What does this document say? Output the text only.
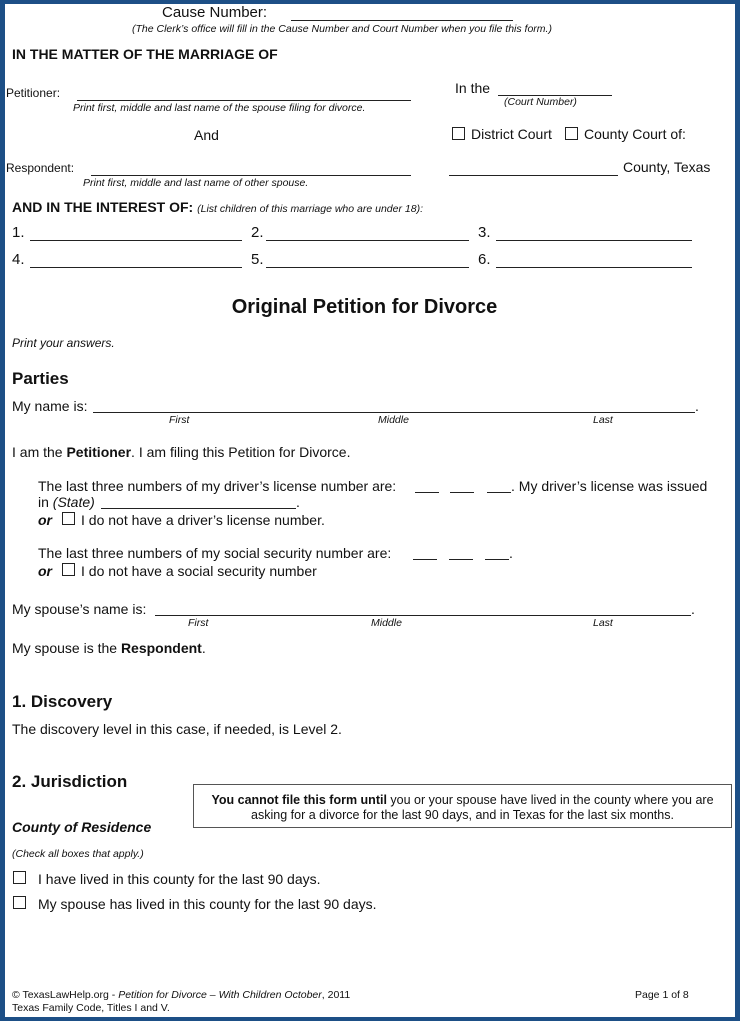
Cause Number:
(The Clerk’s office will fill in the Cause Number and Court Number when you file this form.)
IN THE MATTER OF THE MARRIAGE OF
Petitioner:
Print first, middle and last name of the spouse filing for divorce.
And
Respondent:
Print first, middle and last name of other spouse.
In the
(Court Number)
District Court County Court of:
County, Texas
AND IN THE INTEREST OF: (List children of this marriage who are under 18):
1.	2.	3.
4.	5.	6.
Original Petition for Divorce
Print your answers.
Parties
My name is:	.
First	Middle	Last
I am the Petitioner. I am filing this Petition for Divorce.
The last three numbers of my driver’s license number are:	. My driver’s license was issued
in (State)	.
or I do not have a driver’s license number.
The last three numbers of my social security number are:	.
or I do not have a social security number
My spouse’s name is:	.
First	Middle	Last
My spouse is the Respondent.
1. Discovery
The discovery level in this case, if needed, is Level 2.
2. Jurisdiction
You cannot file this form until you or your spouse have lived in the county where you are asking for a divorce for the last 90 days, and in Texas for the last six months.
County of Residence
(Check all boxes that apply.)
I have lived in this county for the last 90 days.
My spouse has lived in this county for the last 90 days.
© TexasLawHelp.org - Petition for Divorce – With Children October, 2011
Texas Family Code, Titles I and V.
Page 1 of 8
